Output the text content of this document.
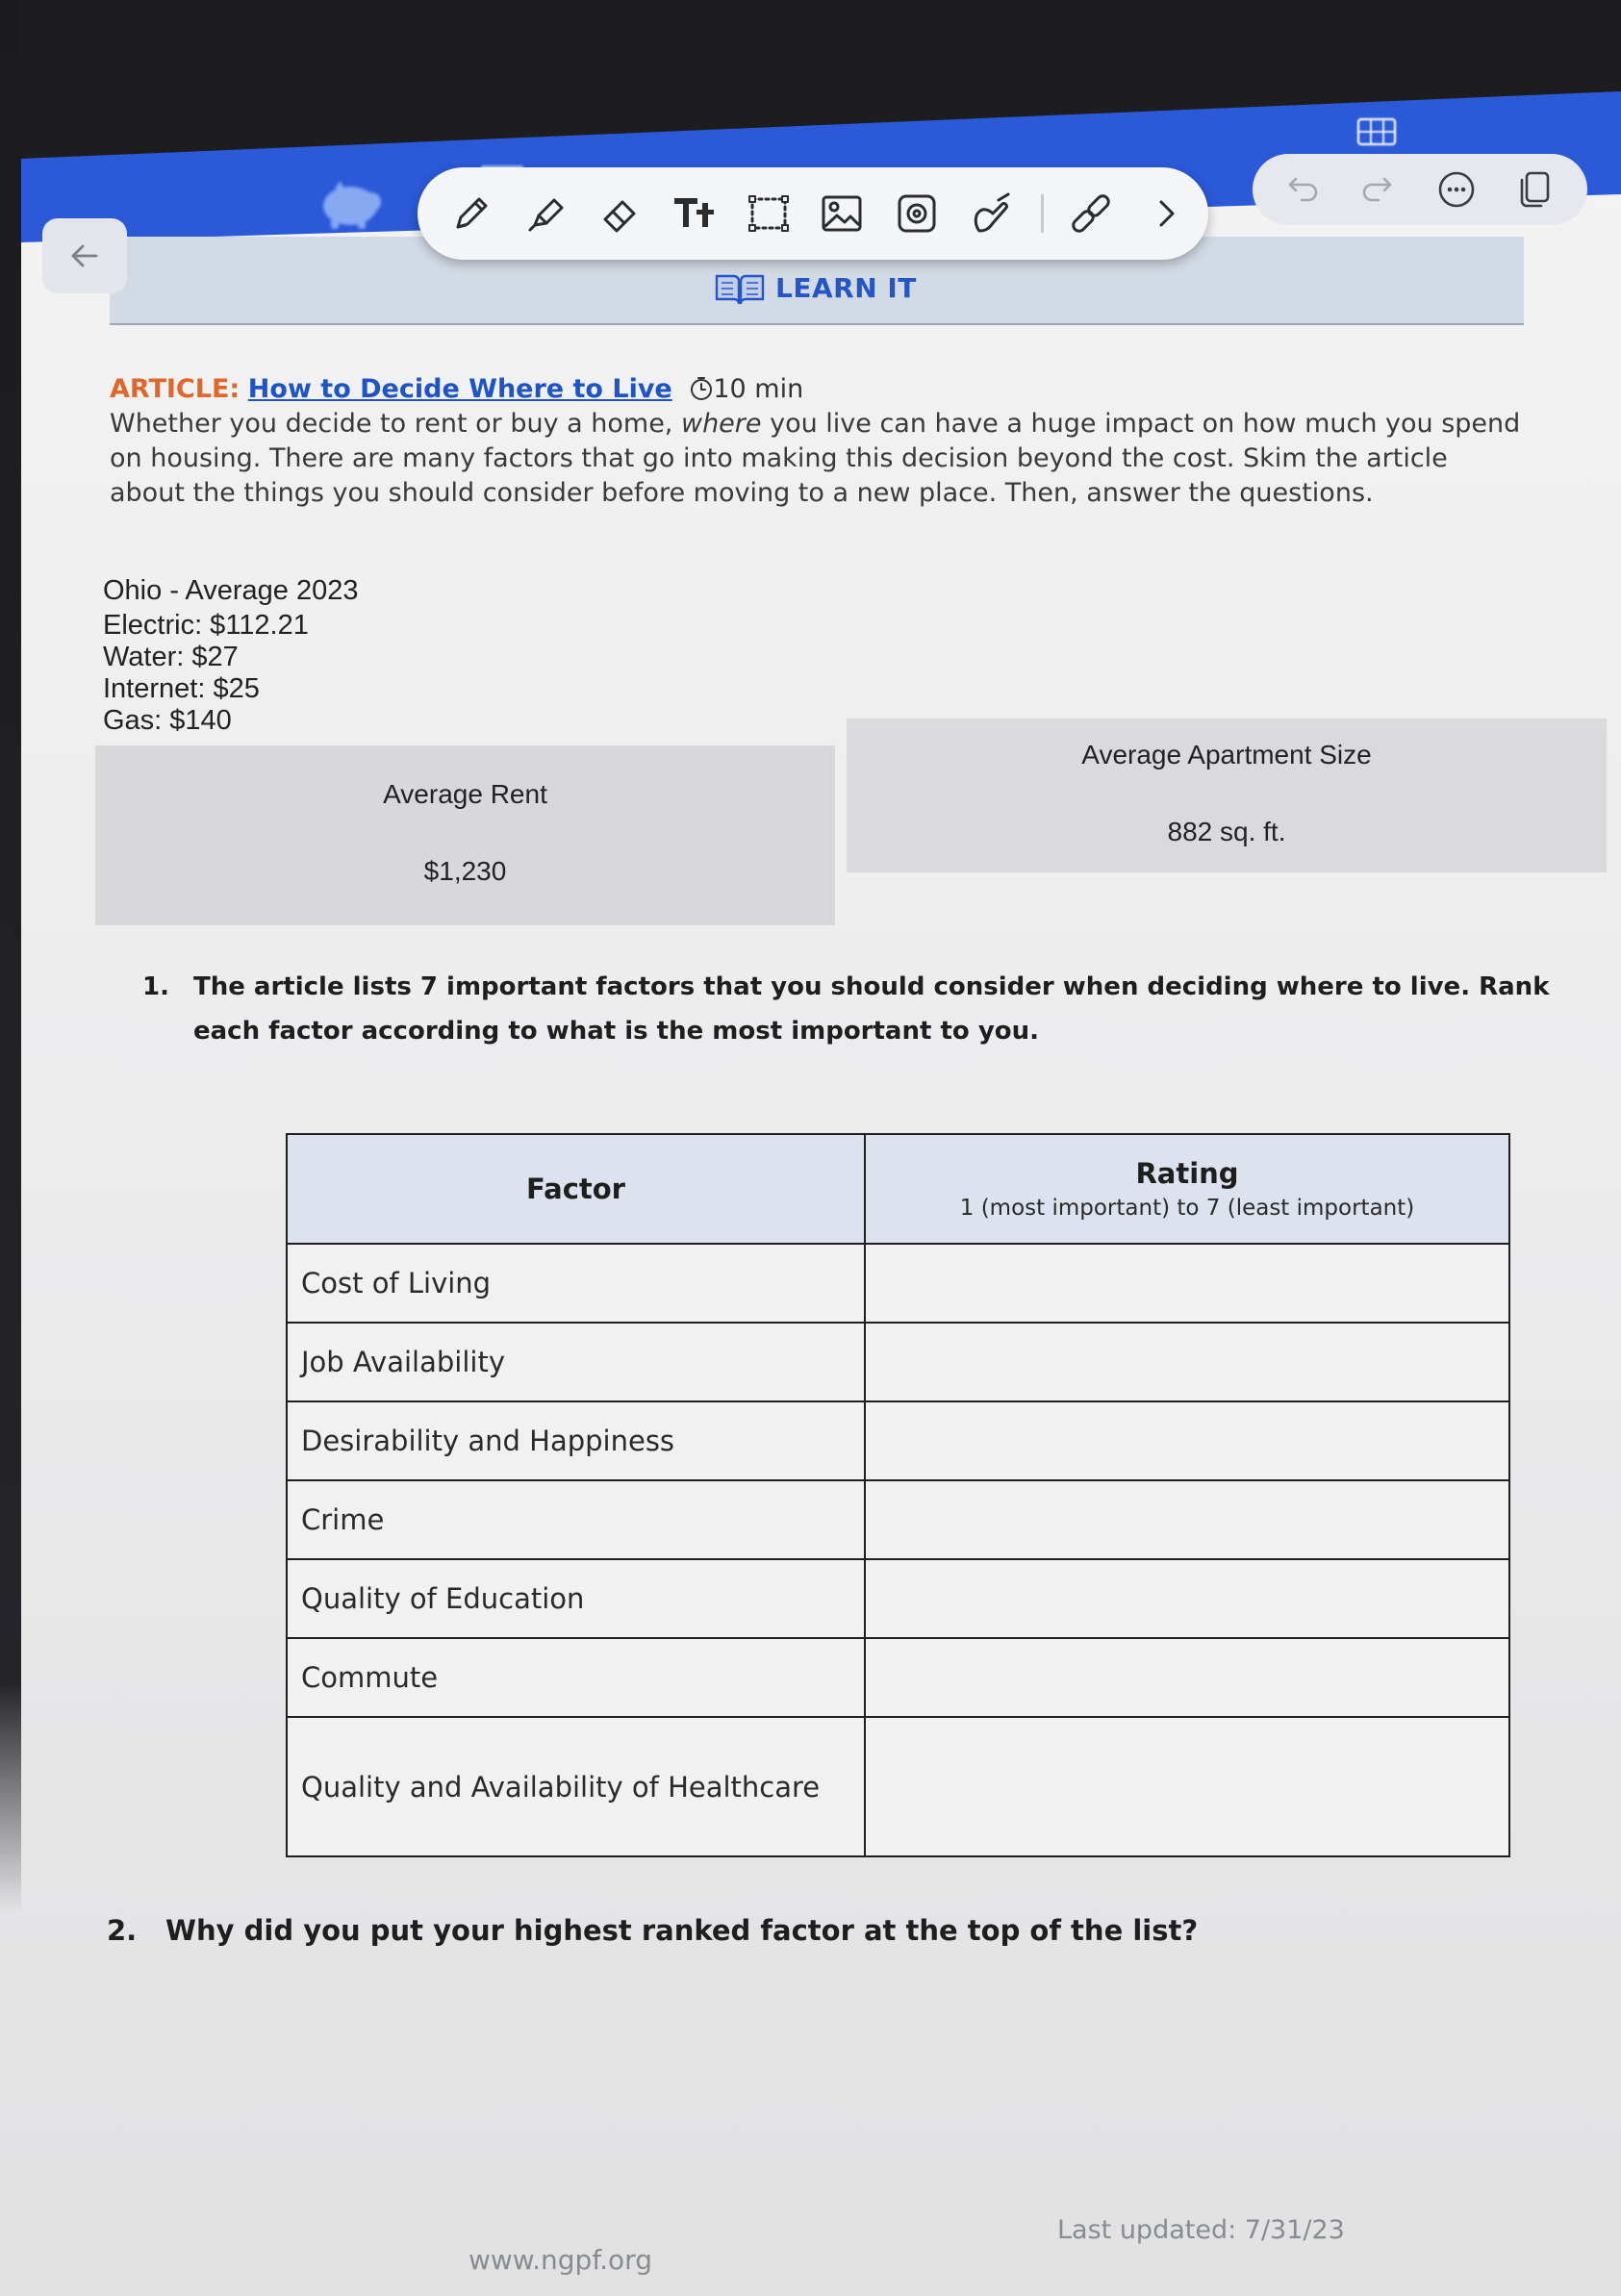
LEARN IT
ARTICLE: How to Decide Where to Live 10 min

Whether you decide to rent or buy a home, where you live can have a huge impact on how much you spend on housing. There are many factors that go into making this decision beyond the cost. Skim the article about the things you should consider before moving to a new place. Then, answer the questions.

Ohio - Average 2023
Electric: $112.21
Water: $27
Internet: $25
Gas: $140
Average Rent
$1,230
Average Apartment Size
882 sq. ft.
1. The article lists 7 important factors that you should consider when deciding where to live. Rank each factor according to what is the most important to you.
Factor	Rating
1 (most important) to 7 (least important)

Cost of Living	
Job Availability	
Desirability and Happiness	
Crime	
Quality of Education	
Commute	
Quality and Availability of Healthcare	
2. Why did you put your highest ranked factor at the top of the list?
www.ngpf.org
Last updated: 7/31/23
